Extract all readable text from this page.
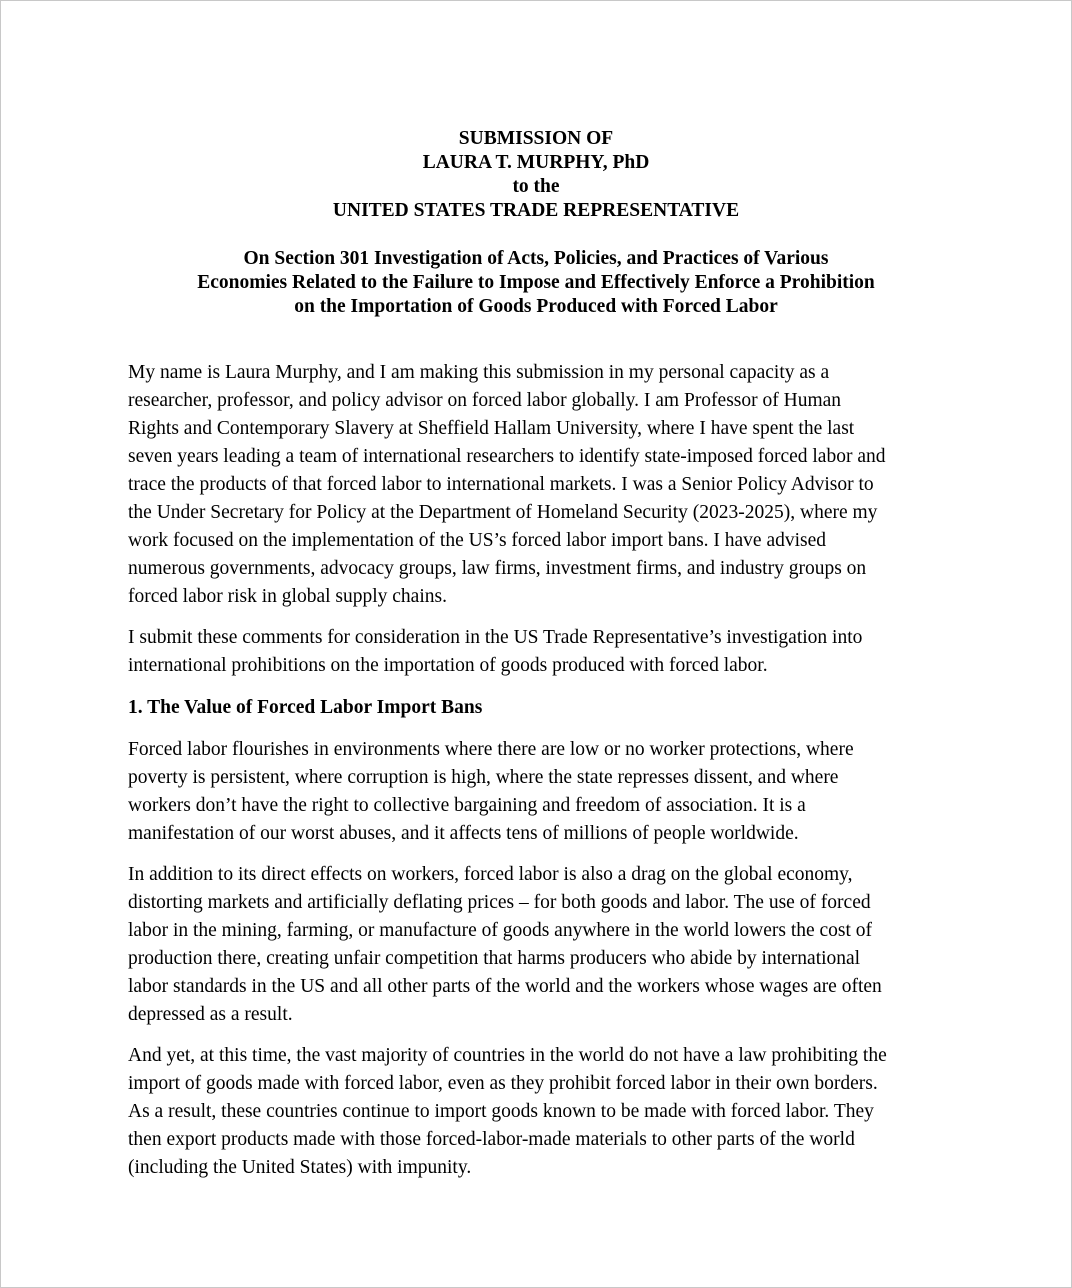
SUBMISSION OF
LAURA T. MURPHY, PhD
to the
UNITED STATES TRADE REPRESENTATIVE
On Section 301 Investigation of Acts, Policies, and Practices of Various
Economies Related to the Failure to Impose and Effectively Enforce a Prohibition
on the Importation of Goods Produced with Forced Labor
My name is Laura Murphy, and I am making this submission in my personal capacity as a
researcher, professor, and policy advisor on forced labor globally. I am Professor of Human
Rights and Contemporary Slavery at Sheffield Hallam University, where I have spent the last
seven years leading a team of international researchers to identify state-imposed forced labor and
trace the products of that forced labor to international markets. I was a Senior Policy Advisor to
the Under Secretary for Policy at the Department of Homeland Security (2023-2025), where my
work focused on the implementation of the US’s forced labor import bans. I have advised
numerous governments, advocacy groups, law firms, investment firms, and industry groups on
forced labor risk in global supply chains.
I submit these comments for consideration in the US Trade Representative’s investigation into
international prohibitions on the importation of goods produced with forced labor.
1. The Value of Forced Labor Import Bans
Forced labor flourishes in environments where there are low or no worker protections, where
poverty is persistent, where corruption is high, where the state represses dissent, and where
workers don’t have the right to collective bargaining and freedom of association. It is a
manifestation of our worst abuses, and it affects tens of millions of people worldwide.
In addition to its direct effects on workers, forced labor is also a drag on the global economy,
distorting markets and artificially deflating prices – for both goods and labor. The use of forced
labor in the mining, farming, or manufacture of goods anywhere in the world lowers the cost of
production there, creating unfair competition that harms producers who abide by international
labor standards in the US and all other parts of the world and the workers whose wages are often
depressed as a result.
And yet, at this time, the vast majority of countries in the world do not have a law prohibiting the
import of goods made with forced labor, even as they prohibit forced labor in their own borders.
As a result, these countries continue to import goods known to be made with forced labor. They
then export products made with those forced-labor-made materials to other parts of the world
(including the United States) with impunity.
